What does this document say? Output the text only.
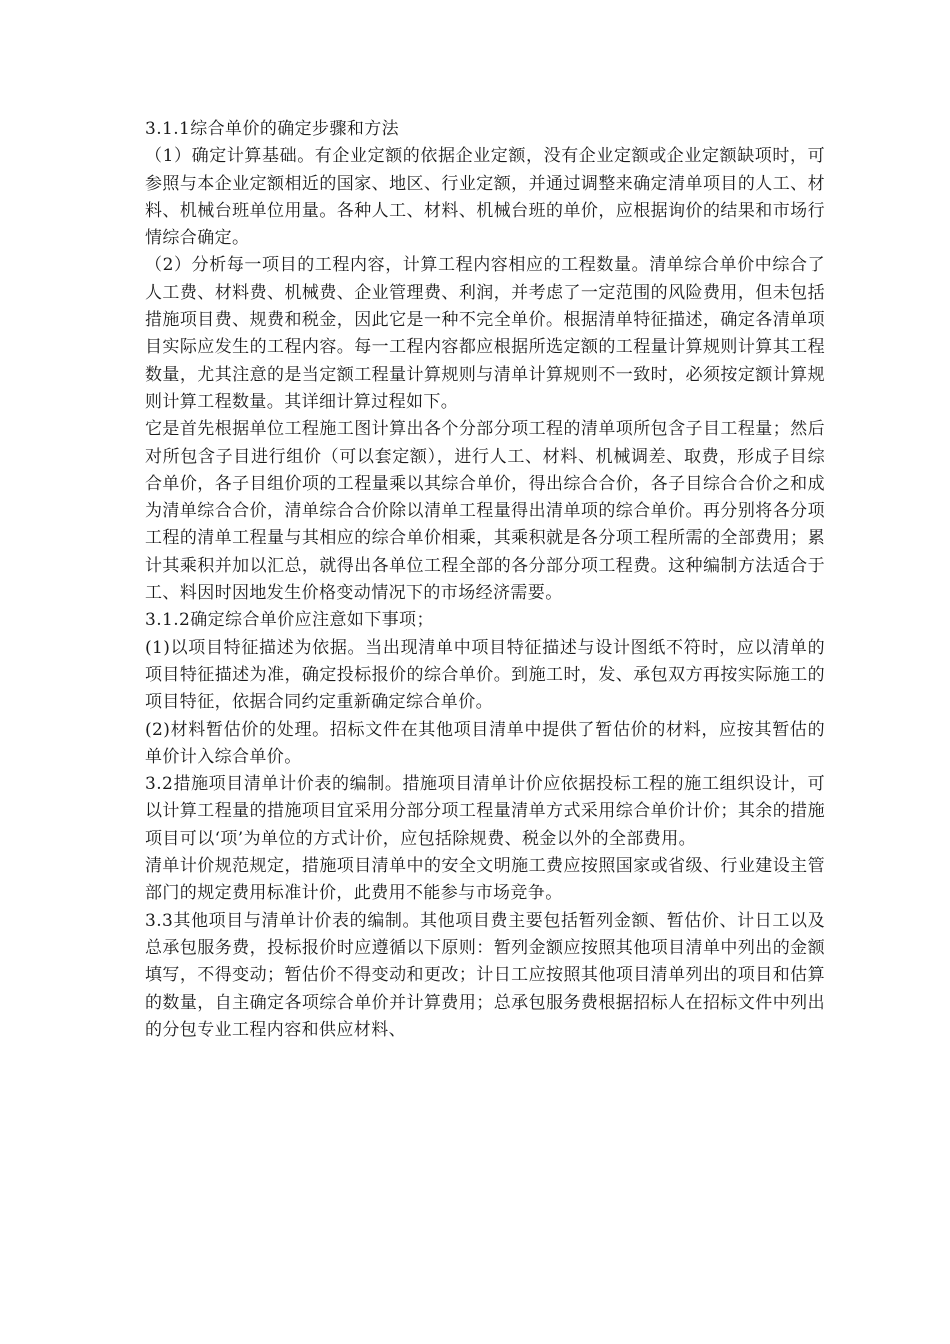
3.1.1综合单价的确定步骤和方法

（1）确定计算基础。有企业定额的依据企业定额，没有企业定额或企业定额缺项时，可参照与本企业定额相近的国家、地区、行业定额，并通过调整来确定清单项目的人工、材料、机械台班单位用量。各种人工、材料、机械台班的单价，应根据询价的结果和市场行情综合确定。

（2）分析每一项目的工程内容，计算工程内容相应的工程数量。清单综合单价中综合了人工费、材料费、机械费、企业管理费、利润，并考虑了一定范围的风险费用，但未包括措施项目费、规费和税金，因此它是一种不完全单价。根据清单特征描述，确定各清单项目实际应发生的工程内容。每一工程内容都应根据所选定额的工程量计算规则计算其工程数量，尤其注意的是当定额工程量计算规则与清单计算规则不一致时，必须按定额计算规则计算工程数量。其详细计算过程如下。

它是首先根据单位工程施工图计算出各个分部分项工程的清单项所包含子目工程量；然后对所包含子目进行组价（可以套定额），进行人工、材料、机械调差、取费，形成子目综合单价，各子目组价项的工程量乘以其综合单价，得出综合合价，各子目综合合价之和成为清单综合合价，清单综合合价除以清单工程量得出清单项的综合单价。再分别将各分项工程的清单工程量与其相应的综合单价相乘，其乘积就是各分项工程所需的全部费用；累计其乘积并加以汇总，就得出各单位工程全部的各分部分项工程费。这种编制方法适合于工、料因时因地发生价格变动情况下的市场经济需要。

3.1.2确定综合单价应注意如下事项；

(1)以项目特征描述为依据。当出现清单中项目特征描述与设计图纸不符时，应以清单的项目特征描述为准，确定投标报价的综合单价。到施工时，发、承包双方再按实际施工的项目特征，依据合同约定重新确定综合单价。

(2)材料暂估价的处理。招标文件在其他项目清单中提供了暂估价的材料，应按其暂估的单价计入综合单价。

3.2措施项目清单计价表的编制。措施项目清单计价应依据投标工程的施工组织设计，可以计算工程量的措施项目宜采用分部分项工程量清单方式采用综合单价计价；其余的措施项目可以‘项’为单位的方式计价，应包括除规费、税金以外的全部费用。

清单计价规范规定，措施项目清单中的安全文明施工费应按照国家或省级、行业建设主管部门的规定费用标准计价，此费用不能参与市场竞争。

3.3其他项目与清单计价表的编制。其他项目费主要包括暂列金额、暂估价、计日工以及总承包服务费，投标报价时应遵循以下原则：暂列金额应按照其他项目清单中列出的金额填写，不得变动；暂估价不得变动和更改；计日工应按照其他项目清单列出的项目和估算的数量，自主确定各项综合单价并计算费用；总承包服务费根据招标人在招标文件中列出的分包专业工程内容和供应材料、
